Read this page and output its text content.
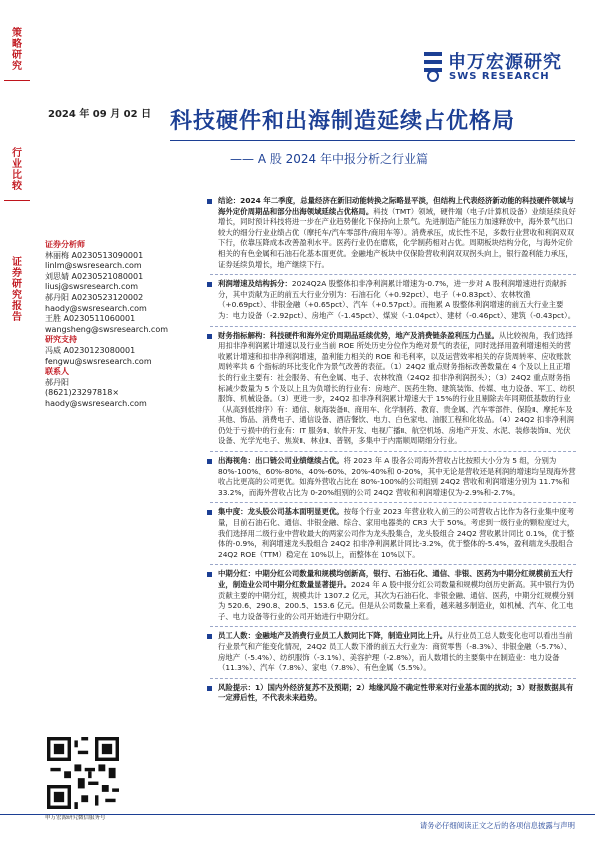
策
略
研
究
行
业
比
较
证
券
研
究
报
告
申万宏源研究
SWS RESEARCH
2024 年 09 月 02 日 科技硬件和出海制造延续占优格局
—— A 股 2024 年中报分析之行业篇
证券分析师
林丽梅 A0230513090001
linlm@swsresearch.com
刘思婧 A0230521080001
liusj@swsresearch.com
郝丹阳 A0230523120002
haody@swsresearch.com
王胜 A0230511060001
wangsheng@swsresearch.com
研究支持
冯威 A0230123080001
fengwu@swsresearch.com
联系人
郝丹阳
(8621)23297818×
haody@swsresearch.com
申万宏源研究微信服务号
结论：2024 年二季度，总量经济在新旧动能转换之际略显平淡，但结构上代表经济新动能的科技硬件领域与海外定价周期品和部分出海领域延续占优格局。科技（TMT）领域，硬件端（电子/计算机设备）业绩延续良好增长，同时预计科技将进一步在产业趋势催化下保持向上景气。先进制造产能压力加速释放中，海外景气出口较大的细分行业业绩占优（摩托车/汽车零部件/商用车等）。消费承压，成长性不足，多数行业营收和利润双双下行，依靠压降成本改善盈利水平。医药行业仍在磨底，化学制药相对占优。周期板块结构分化，与海外定价相关的有色金属和石油石化基本面更优。金融地产板块中仅保险营收利润双双拐头向上，银行盈利能力承压，证券延续负增长，地产继续下行。
利润增速及结构拆分：2024Q2A 股整体扣非净利润累计增速为-0.7%，进一步对 A 股利润增速进行贡献拆分，其中贡献为正的前五大行业分别为：石油石化（+0.92pct）、电子（+0.83pct）、农林牧渔（+0.69pct）、非银金融（+0.65pct）、汽车（+0.57pct）。而拖累 A 股整体利润增速的前五大行业主要为：电力设备（-2.92pct）、房地产（-1.45pct）、煤炭（-1.04pct）、建材（-0.46pct）、建筑（-0.43pct）。
财务指标解构：科技硬件和海外定价周期品延续优势，地产及消费链条盈利压力凸显。从比较视角，我们选择用扣非净利润累计增速以及行业当前 ROE 所处历史分位作为绝对景气的表征，同时选择用盈利增速相关的营收累计增速和扣非净利润增速，盈利能力相关的 ROE 和毛利率，以及运营效率相关的存货周转率、应收账款周转率共 6 个指标的环比变化作为景气改善的表征。（1）24Q2 重点财务指标改善数量在 4 个及以上且正增长的行业主要有：社会服务、有色金属、电子、农林牧渔（24Q2 扣非净利润拐头）；（3）24Q2 重点财务指标减少数量为 5 个及以上且为负增长的行业有：房地产、医药生物、建筑装饰、传媒、电力设备、军工、纺织服饰、机械设备。（3）更进一步，24Q2 扣非净利润累计增速大于 15%的行业且剔除去年同期低基数的行业（从高到低排序）有：通信、航海装备Ⅱ、商用车、化学制药、教育、贵金属、汽车零部件、保险Ⅱ、摩托车及其他、饰品、消费电子、通信设备、酒店餐饮、电力、白色家电、油服工程和化妆品。（4）24Q2 扣非净利润仍处于亏损中的行业有：IT 服务Ⅱ、软件开发、电视广播Ⅱ、航空机场、房地产开发、水泥、装修装饰Ⅱ、光伏设备、光学光电子、焦炭Ⅱ、林业Ⅱ、普钢，多集中于内需顺周期细分行业。
出海视角：出口链公司业绩继续占优。将 2023 年 A 股各公司海外营收占比按照大小分为 5 组，分别为 80%-100%、60%-80%、40%-60%、20%-40%和 0-20%，其中无论是营收还是利润的增速均呈现海外营收占比更高的公司更优。如海外营收占比在 80%-100%的公司组别 24Q2 营收和利润增速分别为 11.7%和 33.2%，而海外营收占比为 0-20%组别的公司 24Q2 营收和利润增速仅为-2.9%和-2.7%。
集中度：龙头股公司基本面明显更优。按每个行业 2023 年营业收入前三的公司营收占比作为各行业集中度考量，目前石油石化、通信、非银金融、综合、家用电器类的 CR3 大于 50%。考虑到一级行业的颗粒度过大，我们选择用二级行业中营收最大的两家公司作为龙头股集合，龙头股组合 24Q2 营收累计同比 0.1%，优于整体的-0.9%，利润增速龙头股组合 24Q2 扣非净利润累计同比-3.2%，优于整体的-5.4%，盈利端龙头股组合 24Q2 ROE（TTM）稳定在 10%以上，而整体在 10%以下。
中期分红：中期分红公司数量和规模均创新高，银行、石油石化、通信、非银、医药为中期分红规模前五大行业，制造业公司中期分红数量显著提升。2024 年 A 股中报分红公司数量和规模均创历史新高。其中银行为仍贡献主要的中期分红，规模共计 1307.2 亿元，其次为石油石化、非银金融、通信、医药，中期分红规模分别为 520.6、290.8、200.5、153.6 亿元。但是从公司数量上来看，越来越多制造业，如机械、汽车、化工电子、电力设备等行业的公司开始进行中期分红。
员工人数：金融地产及消费行业员工人数同比下降，制造业同比上升。从行业员工总人数变化也可以看出当前行业景气和产能变化情况，24Q2 员工人数下滑的前五大行业为：商贸零售（-8.3%）、非银金融（-5.7%）、房地产（-5.4%）、纺织服饰（-3.1%）、美容护理（-2.8%），而人数增长的主要集中在制造业：电力设备（11.3%）、汽车（7.8%）、家电（7.8%）、有色金属（5.5%）。
风险提示：1）国内外经济复苏不及预期；2）地缘风险不确定性带来对行业基本面的扰动；3）财报数据具有一定滞后性，不代表未来趋势。
请务必仔细阅读正文之后的各项信息披露与声明
